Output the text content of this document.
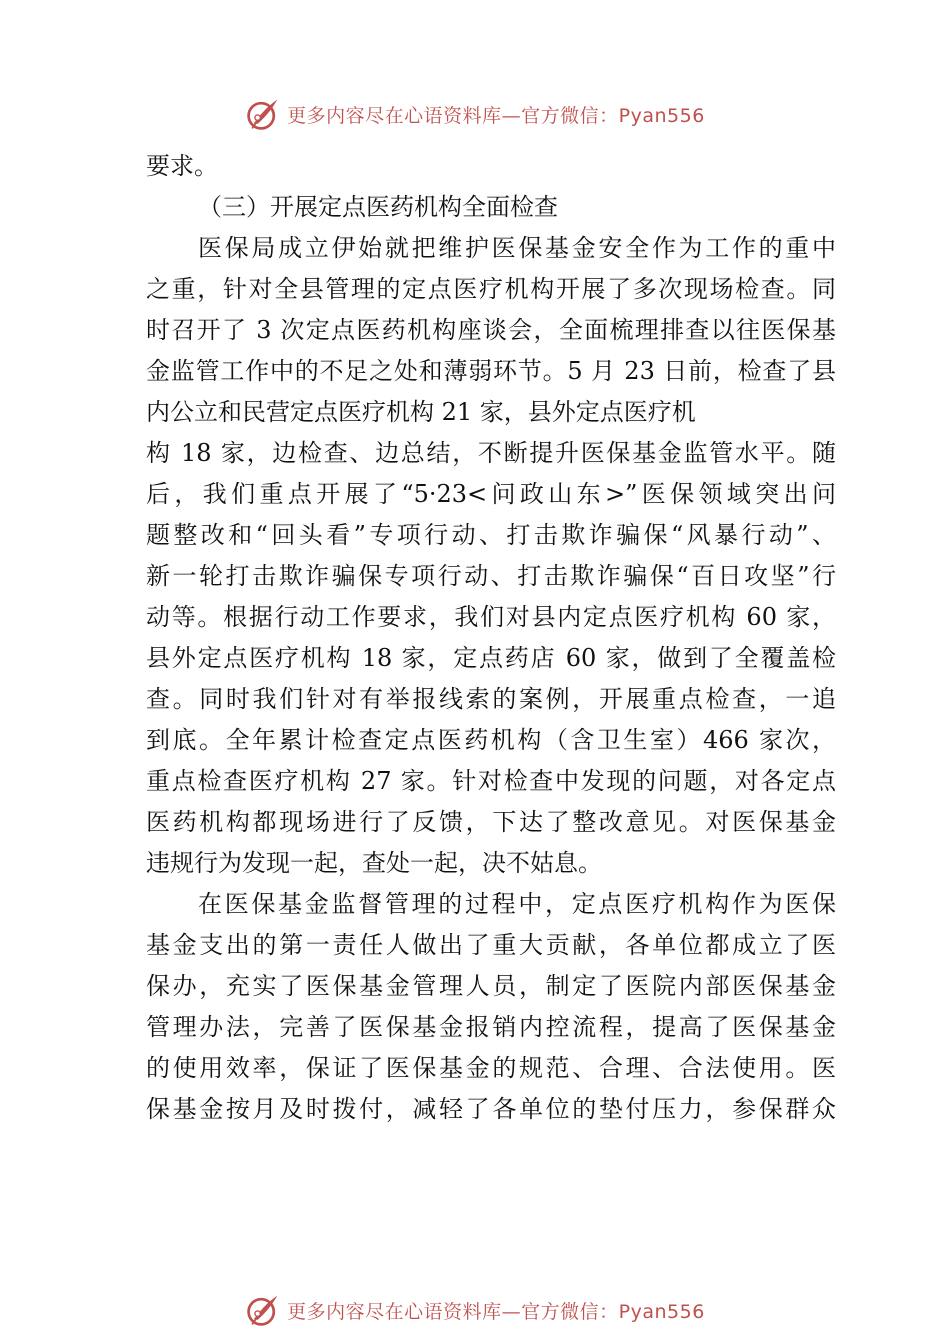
更多内容尽在心语资料库—官方微信：Pyan556
要求。
（三）开展定点医药机构全面检查
医保局成立伊始就把维护医保基金安全作为工作的重中
之重，针对全县管理的定点医疗机构开展了多次现场检查。同
时召开了 3 次定点医药机构座谈会，全面梳理排查以往医保基
金监管工作中的不足之处和薄弱环节。5 月 23 日前，检查了县
内公立和民营定点医疗机构 21 家，县外定点医疗机
构 18 家，边检查、边总结，不断提升医保基金监管水平。随
后，我们重点开展了“5·23<问政山东>”医保领域突出问
题整改和“回头看”专项行动、打击欺诈骗保“风暴行动”、
新一轮打击欺诈骗保专项行动、打击欺诈骗保“百日攻坚”行
动等。根据行动工作要求，我们对县内定点医疗机构 60 家，
县外定点医疗机构 18 家，定点药店 60 家，做到了全覆盖检
查。同时我们针对有举报线索的案例，开展重点检查，一追
到底。全年累计检查定点医药机构（含卫生室）466 家次，
重点检查医疗机构 27 家。针对检查中发现的问题，对各定点
医药机构都现场进行了反馈，下达了整改意见。对医保基金
违规行为发现一起，查处一起，决不姑息。
在医保基金监督管理的过程中，定点医疗机构作为医保
基金支出的第一责任人做出了重大贡献，各单位都成立了医
保办，充实了医保基金管理人员，制定了医院内部医保基金
管理办法，完善了医保基金报销内控流程，提高了医保基金
的使用效率，保证了医保基金的规范、合理、合法使用。医
保基金按月及时拨付，减轻了各单位的垫付压力，参保群众
更多内容尽在心语资料库—官方微信：Pyan556
